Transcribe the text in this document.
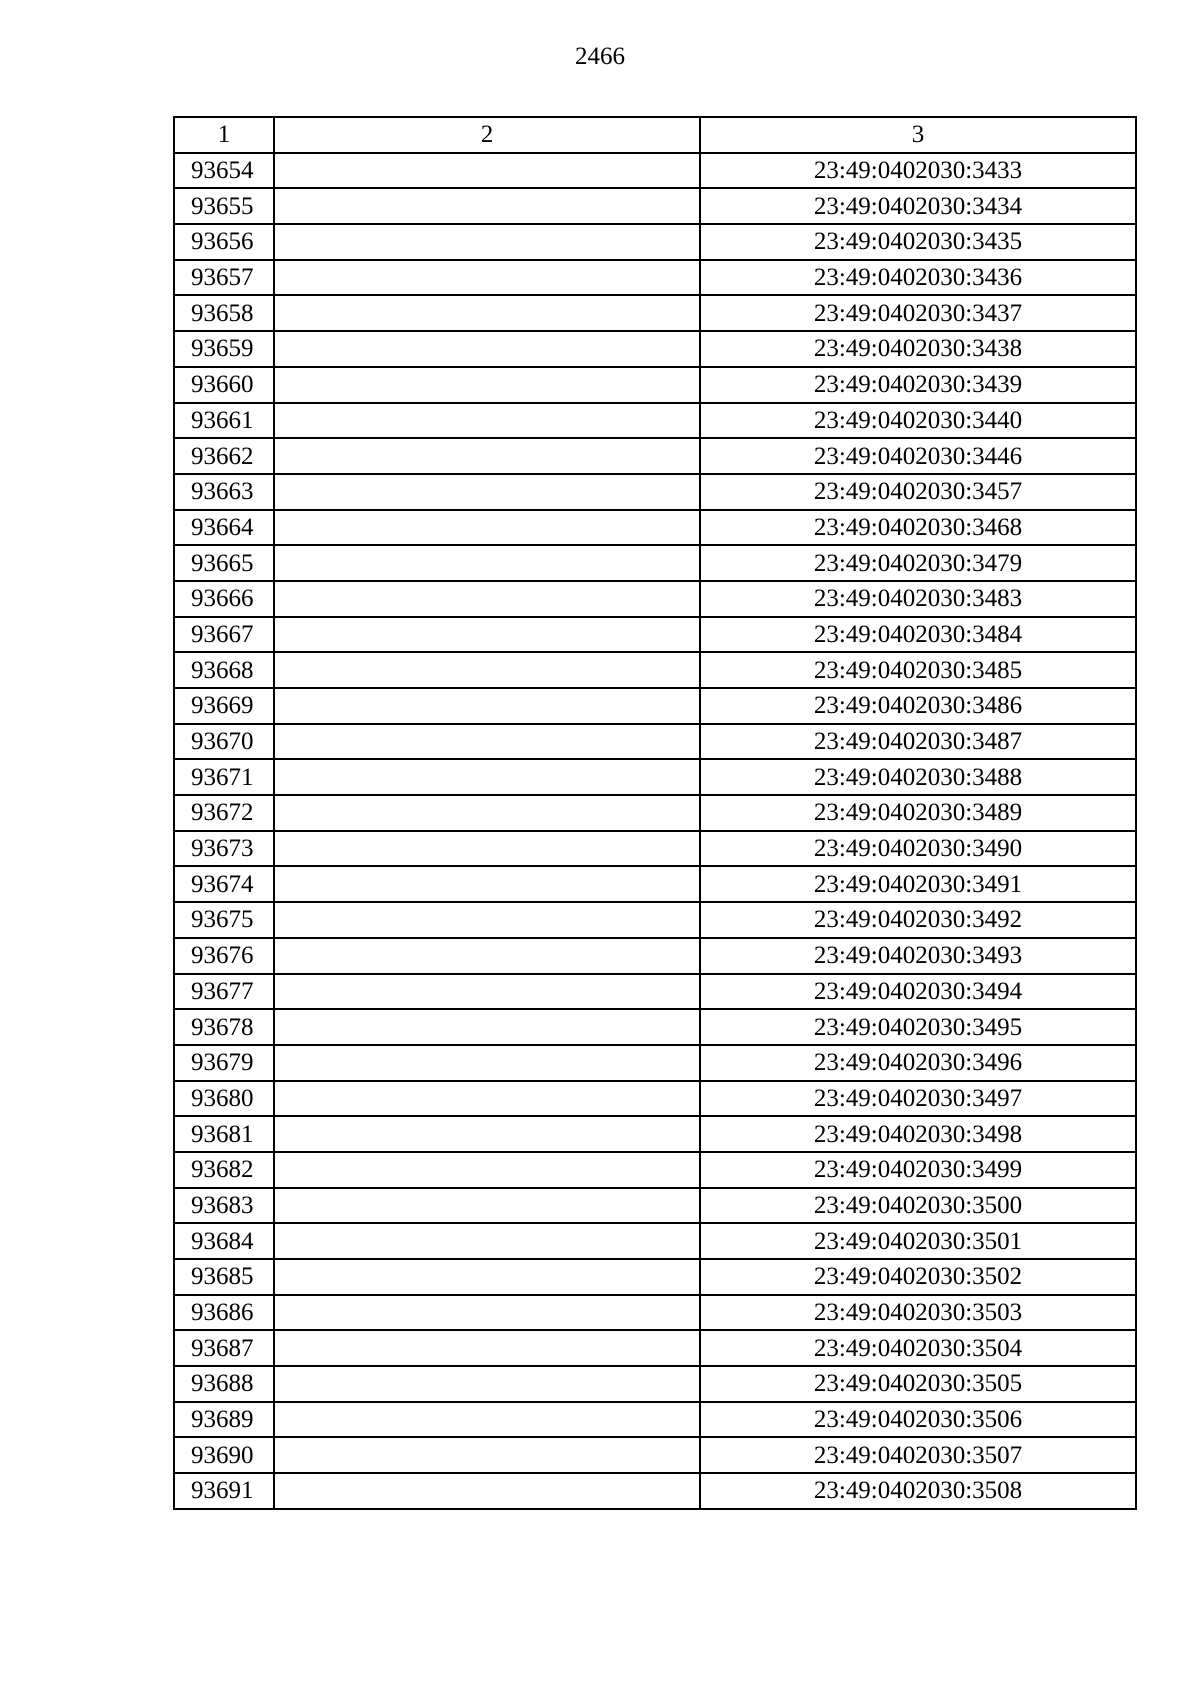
2466
1	2	3
93654		23:49:0402030:3433
93655		23:49:0402030:3434
93656		23:49:0402030:3435
93657		23:49:0402030:3436
93658		23:49:0402030:3437
93659		23:49:0402030:3438
93660		23:49:0402030:3439
93661		23:49:0402030:3440
93662		23:49:0402030:3446
93663		23:49:0402030:3457
93664		23:49:0402030:3468
93665		23:49:0402030:3479
93666		23:49:0402030:3483
93667		23:49:0402030:3484
93668		23:49:0402030:3485
93669		23:49:0402030:3486
93670		23:49:0402030:3487
93671		23:49:0402030:3488
93672		23:49:0402030:3489
93673		23:49:0402030:3490
93674		23:49:0402030:3491
93675		23:49:0402030:3492
93676		23:49:0402030:3493
93677		23:49:0402030:3494
93678		23:49:0402030:3495
93679		23:49:0402030:3496
93680		23:49:0402030:3497
93681		23:49:0402030:3498
93682		23:49:0402030:3499
93683		23:49:0402030:3500
93684		23:49:0402030:3501
93685		23:49:0402030:3502
93686		23:49:0402030:3503
93687		23:49:0402030:3504
93688		23:49:0402030:3505
93689		23:49:0402030:3506
93690		23:49:0402030:3507
93691		23:49:0402030:3508
